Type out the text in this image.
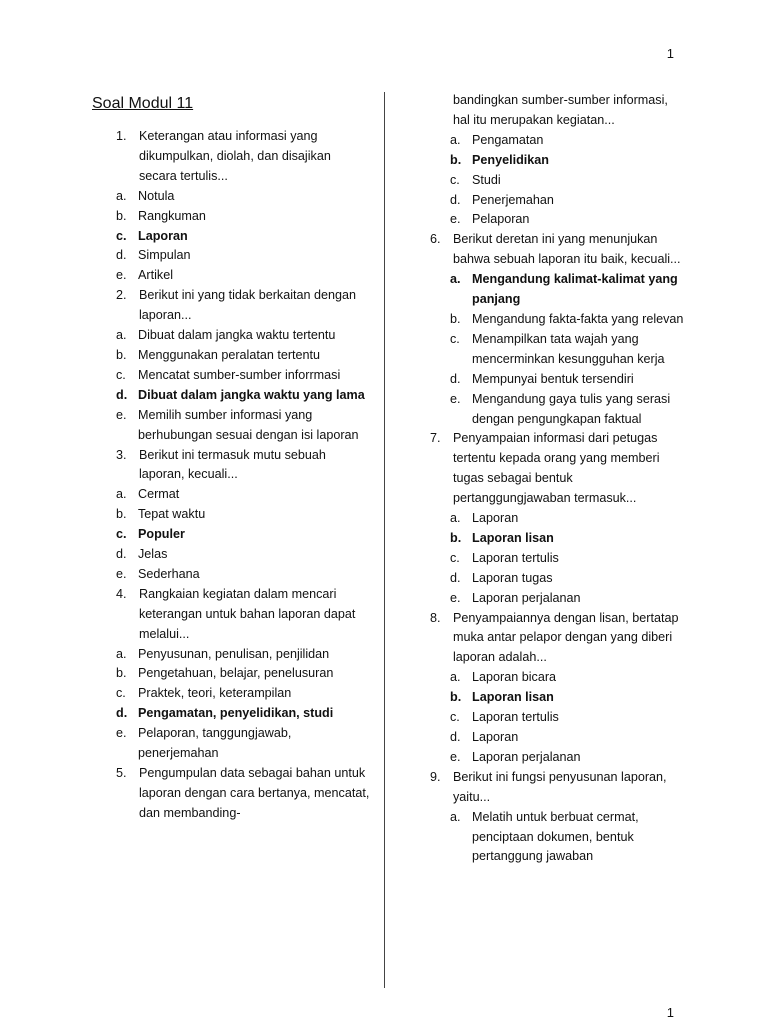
1
Soal Modul 11
1. Keterangan atau informasi yang dikumpulkan, diolah, dan disajikan secara tertulis...
a. Notula
b. Rangkuman
c. Laporan
d. Simpulan
e. Artikel
2. Berikut ini yang tidak berkaitan dengan laporan...
a. Dibuat dalam jangka waktu tertentu
b. Menggunakan peralatan tertentu
c. Mencatat sumber-sumber inforrmasi
d. Dibuat dalam jangka waktu yang lama
e. Memilih sumber informasi yang berhubungan sesuai dengan isi laporan
3. Berikut ini termasuk mutu sebuah laporan, kecuali...
a. Cermat
b. Tepat waktu
c. Populer
d. Jelas
e. Sederhana
4. Rangkaian kegiatan dalam mencari keterangan untuk bahan laporan dapat melalui...
a. Penyusunan, penulisan, penjilidan
b. Pengetahuan, belajar, penelusuran
c. Praktek, teori, keterampilan
d. Pengamatan, penyelidikan, studi
e. Pelaporan, tanggungjawab, penerjemahan
5. Pengumpulan data sebagai bahan untuk laporan dengan cara bertanya, mencatat, dan membanding-
bandingkan sumber-sumber informasi, hal itu merupakan kegiatan...
a. Pengamatan
b. Penyelidikan
c. Studi
d. Penerjemahan
e. Pelaporan
6. Berikut deretan ini yang menunjukan bahwa sebuah laporan itu baik, kecuali...
a. Mengandung kalimat-kalimat yang panjang
b. Mengandung fakta-fakta yang relevan
c. Menampilkan tata wajah yang mencerminkan kesungguhan kerja
d. Mempunyai bentuk tersendiri
e. Mengandung gaya tulis yang serasi dengan pengungkapan faktual
7. Penyampaian informasi dari petugas tertentu kepada orang yang memberi tugas sebagai bentuk pertanggungjawaban termasuk...
a. Laporan
b. Laporan lisan
c. Laporan tertulis
d. Laporan tugas
e. Laporan perjalanan
8. Penyampaiannya dengan lisan, bertatap muka antar pelapor dengan yang diberi laporan adalah...
a. Laporan bicara
b. Laporan lisan
c. Laporan tertulis
d. Laporan
e. Laporan perjalanan
9. Berikut ini fungsi penyusunan laporan, yaitu...
a. Melatih untuk berbuat cermat, penciptaan dokumen, bentuk pertanggung jawaban
1
